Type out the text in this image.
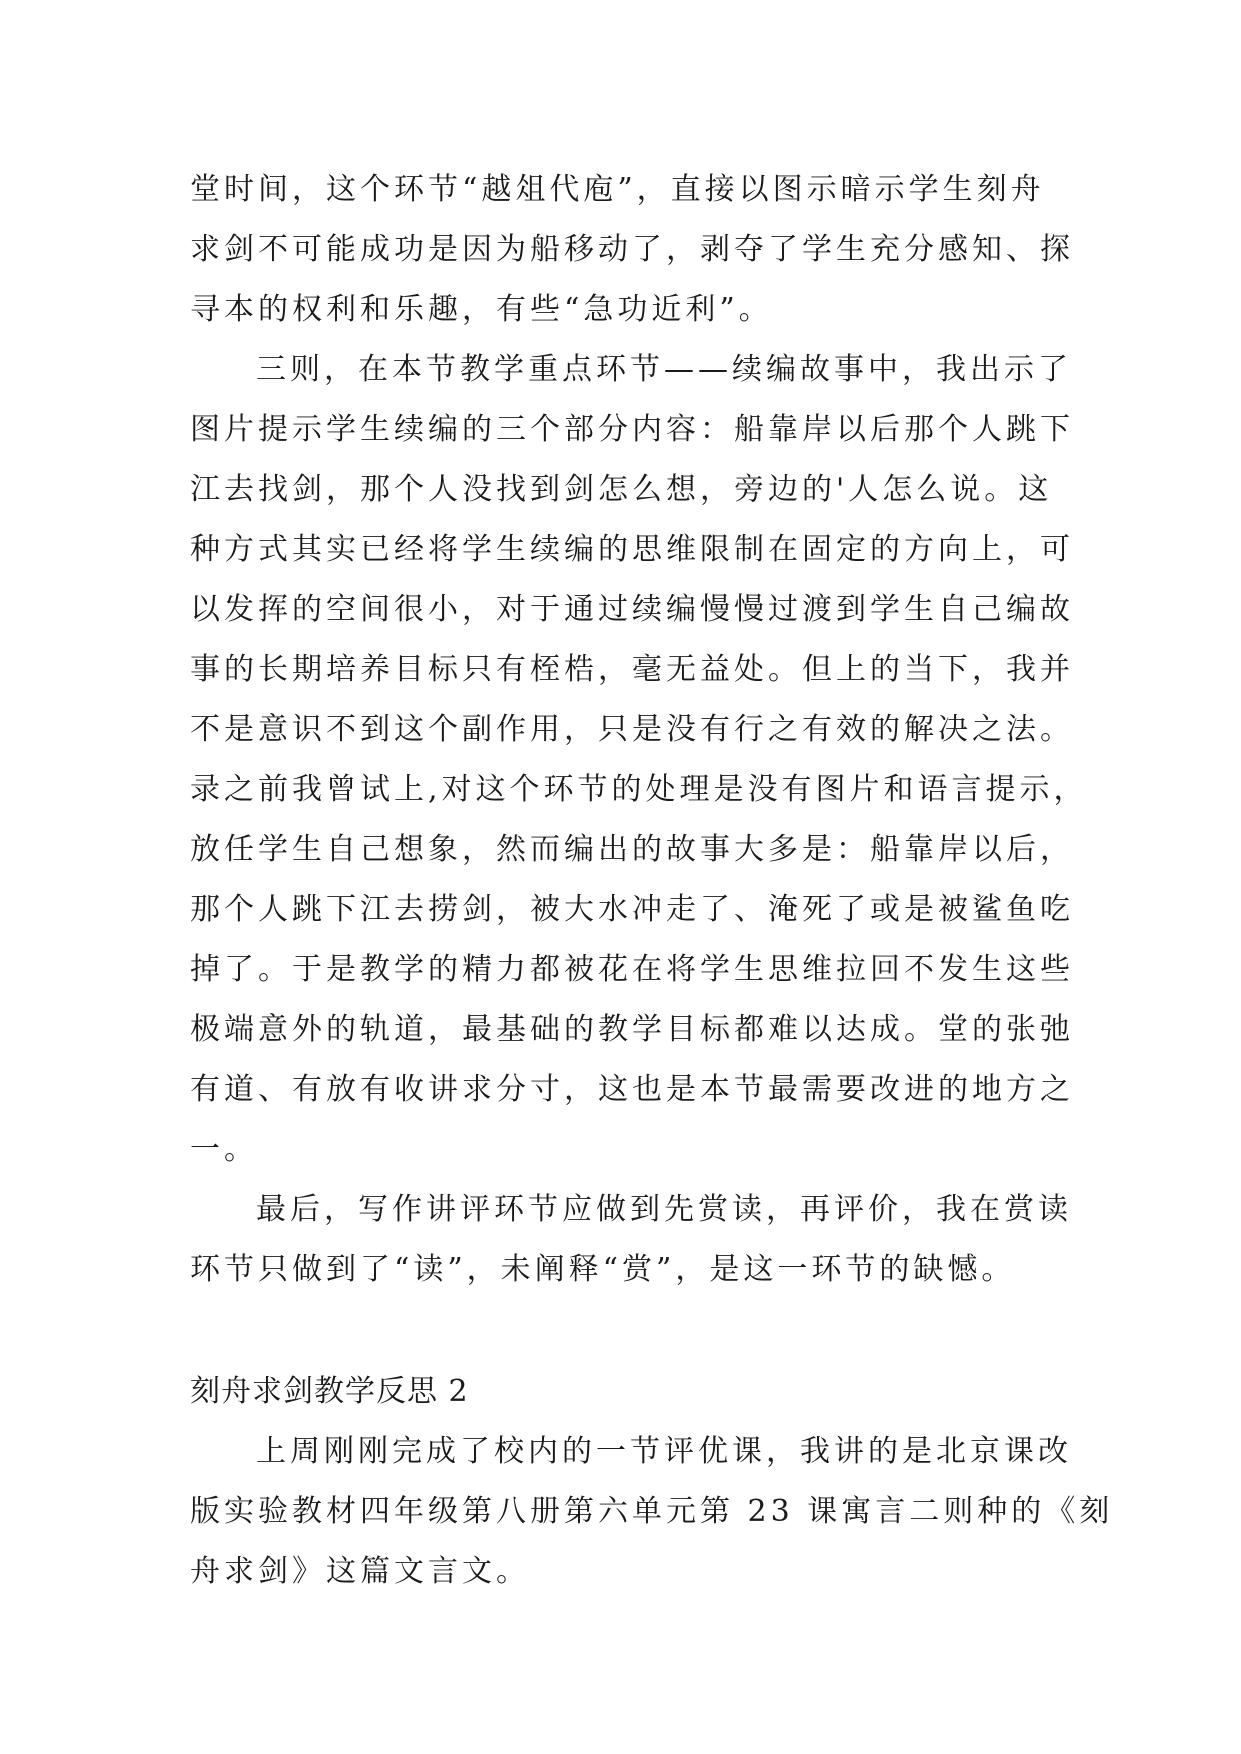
堂时间，这个环节“越俎代庖”，直接以图示暗示学生刻舟
求剑不可能成功是因为船移动了，剥夺了学生充分感知、探
寻本的权利和乐趣，有些“急功近利”。

三则，在本节教学重点环节——续编故事中，我出示了
图片提示学生续编的三个部分内容：船靠岸以后那个人跳下
江去找剑，那个人没找到剑怎么想，旁边的'人怎么说。这
种方式其实已经将学生续编的思维限制在固定的方向上，可
以发挥的空间很小，对于通过续编慢慢过渡到学生自己编故
事的长期培养目标只有桎梏，毫无益处。但上的当下，我并
不是意识不到这个副作用，只是没有行之有效的解决之法。
录之前我曾试上,对这个环节的处理是没有图片和语言提示，
放任学生自己想象，然而编出的故事大多是：船靠岸以后，
那个人跳下江去捞剑，被大水冲走了、淹死了或是被鲨鱼吃
掉了。于是教学的精力都被花在将学生思维拉回不发生这些
极端意外的轨道，最基础的教学目标都难以达成。堂的张弛
有道、有放有收讲求分寸，这也是本节最需要改进的地方之
一。

最后，写作讲评环节应做到先赏读，再评价，我在赏读
环节只做到了“读”，未阐释“赏”，是这一环节的缺憾。

刻舟求剑教学反思 2

上周刚刚完成了校内的一节评优课，我讲的是北京课改
版实验教材四年级第八册第六单元第 23 课寓言二则种的《刻
舟求剑》这篇文言文。
